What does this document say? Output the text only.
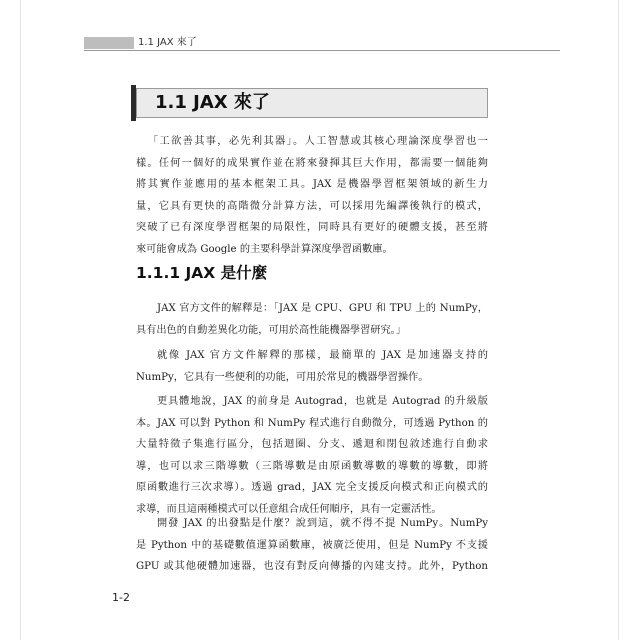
1.1 JAX 來了
1.1 JAX 來了
「工欲善其事，必先利其器」。人工智慧或其核心理論深度學習也一
樣。任何一個好的成果實作並在將來發揮其巨大作用，都需要一個能夠
將其實作並應用的基本框架工具。JAX 是機器學習框架領域的新生力
量，它具有更快的高階微分計算方法，可以採用先編譯後執行的模式，
突破了已有深度學習框架的局限性，同時具有更好的硬體支援，甚至將
來可能會成為 Google 的主要科學計算深度學習函數庫。
1.1.1 JAX 是什麼
JAX 官方文件的解釋是：「JAX 是 CPU、GPU 和 TPU 上的 NumPy，
具有出色的自動差異化功能，可用於高性能機器學習研究。」
就像 JAX 官方文件解釋的那樣，最簡單的 JAX 是加速器支持的
NumPy，它具有一些便利的功能，可用於常見的機器學習操作。
更具體地說，JAX 的前身是 Autograd，也就是 Autograd 的升級版
本。JAX 可以對 Python 和 NumPy 程式進行自動微分，可透過 Python 的
大量特徵子集進行區分，包括迴圈、分支、遞迴和閉包敘述進行自動求
導，也可以求三階導數（三階導數是由原函數導數的導數的導數，即將
原函數進行三次求導）。透過 grad，JAX 完全支援反向模式和正向模式的
求導，而且這兩種模式可以任意組合成任何順序，具有一定靈活性。
開發 JAX 的出發點是什麼？說到這，就不得不提 NumPy。NumPy
是 Python 中的基礎數值運算函數庫，被廣泛使用，但是 NumPy 不支援
GPU 或其他硬體加速器，也沒有對反向傳播的內建支持。此外，Python
1-2
